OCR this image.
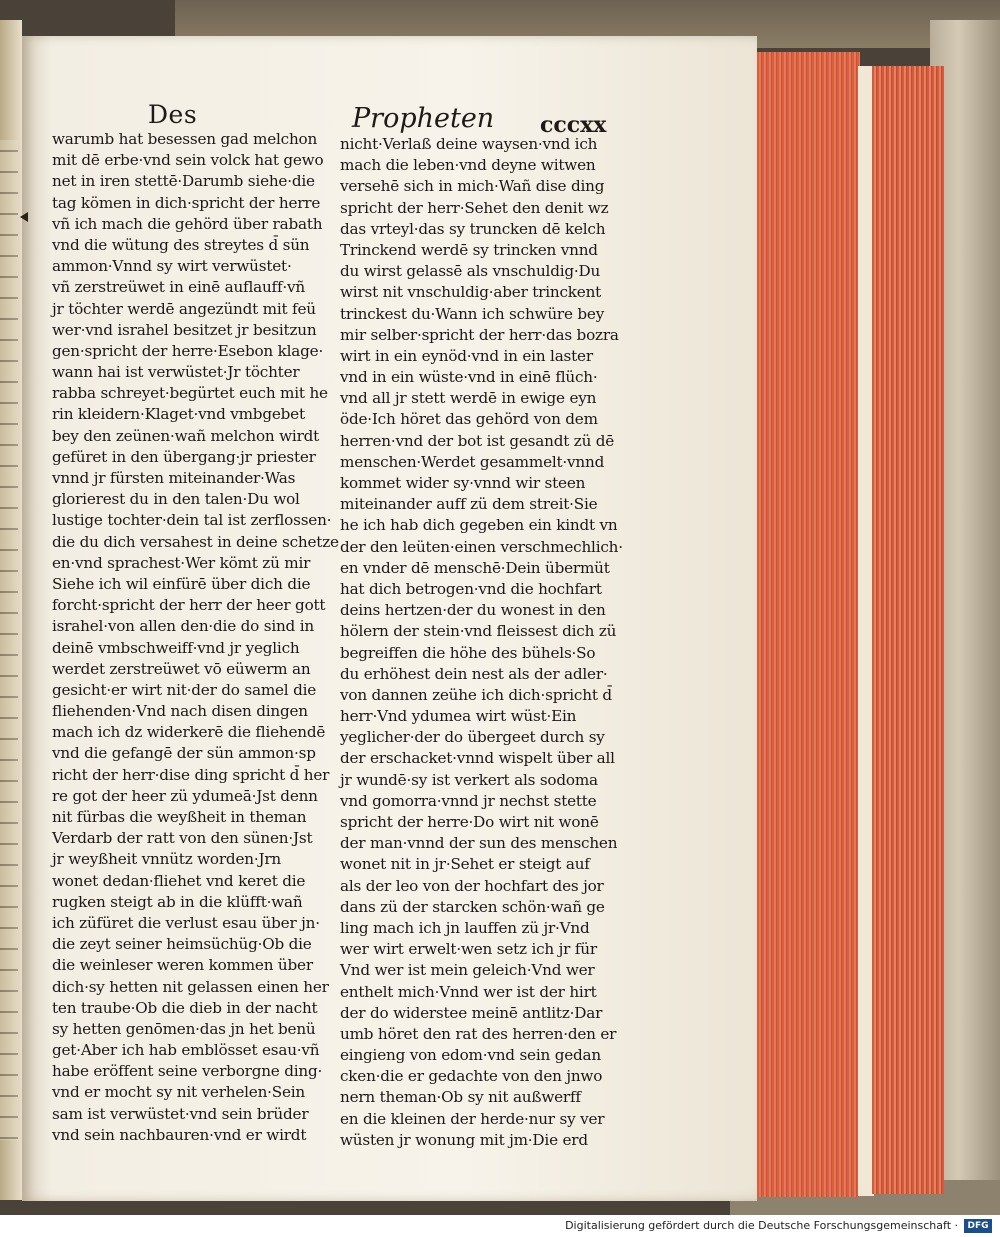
Des	Propheten cccxx
warumb hat besessen gad melchon
mit dē erbe·vnd sein volck hat gewo
net in iren stettē·Darumb siehe·die
tag kömen in dich·spricht der herre
vñ ich mach die gehörd über rabath
vnd die wütung des streytes d̄ sün
ammon·Vnnd sy wirt verwüstet·
vñ zerstreüwet in einē auflauff·vñ
jr töchter werdē angezündt mit feü
wer·vnd israhel besitzet jr besitzun
gen·spricht der herre·Esebon klage·
wann hai ist verwüstet·Jr töchter
rabba schreyet·begürtet euch mit he
rin kleidern·Klaget·vnd vmbgebet
bey den zeünen·wañ melchon wirdt
gefüret in den übergang·jr priester
vnnd jr fürsten miteinander·Was
glorierest du in den talen·Du wol
lustige tochter·dein tal ist zerflossen·
die du dich versahest in deine schetze
en·vnd sprachest·Wer kömt zü mir
Siehe ich wil einfürē über dich die
forcht·spricht der herr der heer gott
israhel·von allen den·die do sind in
deinē vmbschweiff·vnd jr yeglich
werdet zerstreüwet vō eüwerm an
gesicht·er wirt nit·der do samel die
fliehenden·Vnd nach disen dingen
mach ich dz widerkerē die fliehendē
vnd die gefangē der sün ammon·sp
richt der herr·dise ding spricht d̄ her
re got der heer zü ydumeā·Jst denn
nit fürbas die weyßheit in theman
Verdarb der ratt von den sünen·Jst
jr weyßheit vnnütz worden·Jrn
wonet dedan·fliehet vnd keret die
rugken steigt ab in die klüfft·wañ
ich züfüret die verlust esau über jn·
die zeyt seiner heimsüchüg·Ob die
die weinleser weren kommen über
dich·sy hetten nit gelassen einen her
ten traube·Ob die dieb in der nacht
sy hetten genōmen·das jn het benü
get·Aber ich hab emblösset esau·vñ
habe eröffent seine verborgne ding·
vnd er mocht sy nit verhelen·Sein
sam ist verwüstet·vnd sein brüder
vnd sein nachbauren·vnd er wirdt
nicht·Verlaß deine waysen·vnd ich
mach die leben·vnd deyne witwen
versehē sich in mich·Wañ dise ding
spricht der herr·Sehet den denit wz
das vrteyl·das sy truncken dē kelch
Trinckend werdē sy trincken vnnd
du wirst gelassē als vnschuldig·Du
wirst nit vnschuldig·aber trinckent
trinckest du·Wann ich schwüre bey
mir selber·spricht der herr·das bozra
wirt in ein eynöd·vnd in ein laster
vnd in ein wüste·vnd in einē flüch·
vnd all jr stett werdē in ewige eyn
öde·Ich höret das gehörd von dem
herren·vnd der bot ist gesandt zü dē
menschen·Werdet gesammelt·vnnd
kommet wider sy·vnnd wir steen
miteinander auff zü dem streit·Sie
he ich hab dich gegeben ein kindt vn
der den leüten·einen verschmechlich·
en vnder dē menschē·Dein übermüt
hat dich betrogen·vnd die hochfart
deins hertzen·der du wonest in den
hölern der stein·vnd fleissest dich zü
begreiffen die höhe des bühels·So
du erhöhest dein nest als der adler·
von dannen zeühe ich dich·spricht d̄
herr·Vnd ydumea wirt wüst·Ein
yeglicher·der do übergeet durch sy
der erschacket·vnnd wispelt über all
jr wundē·sy ist verkert als sodoma
vnd gomorra·vnnd jr nechst stette
spricht der herre·Do wirt nit wonē
der man·vnnd der sun des menschen
wonet nit in jr·Sehet er steigt auf
als der leo von der hochfart des jor
dans zü der starcken schön·wañ ge
ling mach ich jn lauffen zü jr·Vnd
wer wirt erwelt·wen setz ich jr für
Vnd wer ist mein geleich·Vnd wer
enthelt mich·Vnnd wer ist der hirt
der do widerstee meinē antlitz·Dar
umb höret den rat des herren·den er
eingieng von edom·vnd sein gedan
cken·die er gedachte von den jnwo
nern theman·Ob sy nit außwerff
en die kleinen der herde·nur sy ver
wüsten jr wonung mit jm·Die erd
Digitalisierung gefördert durch die Deutsche Forschungsgemeinschaft ·	DFG
